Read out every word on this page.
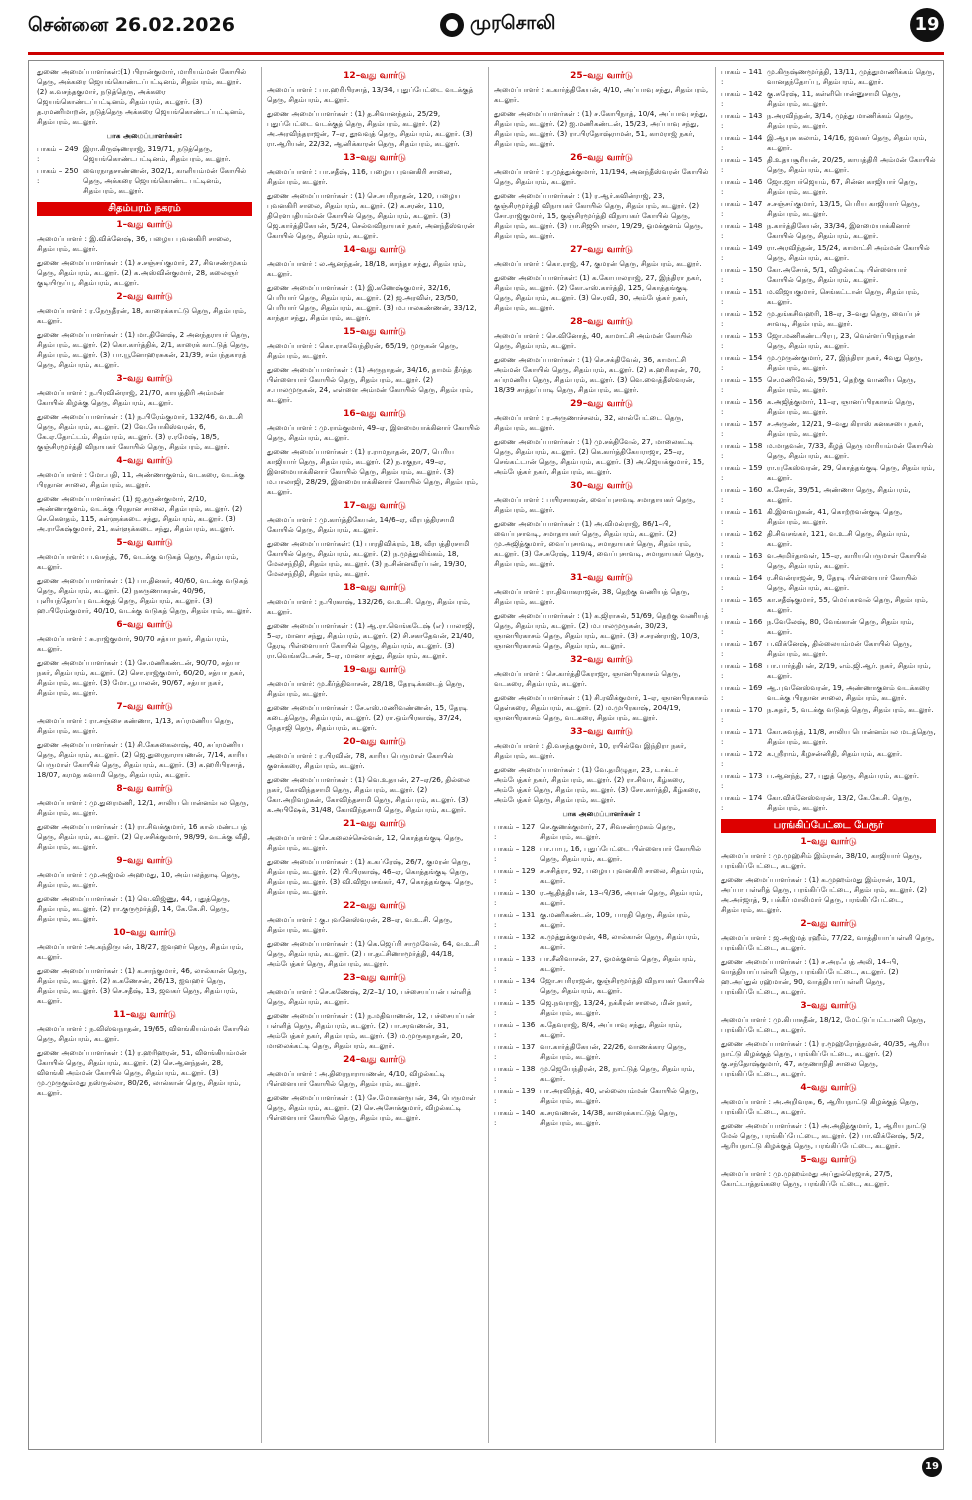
சென்னை 26.02.2026	முரசொலி	19

துணை அமைப்பாளர்கள்:(1) பிரான்குமார், மாரியம்மன் கோயில் தெரு, அக்கரை ஜெயங்கொண்டப்பட்டினம், சிதம்பரம், கடலூர். (2) க.வசந்தகுமார், நடுத்தெரு, அக்கரை ஜெயங்கொண்டப்பட்டினம், சிதம்பரம், கடலூர். (3) த.ரமணிமாறன், நடுத்தெரு அக்கரை ஜெயங்கொண்டப்பட்டினம், சிதம்பரம், கடலூர்.

பாக அமைப்பாளர்கள்:
பாகம் – 249 :
இரா.கிருஷ்ணராஜ், 319/71, நடுத்தெரு, ஜெயங்கொண்டபட்டினம், சிதம்பரம், கடலூர்.
பாகம் – 250 :
வைரநாதசாண்ணன், 302/1, காளியம்மன் கோயில் தெரு, அக்கரை ஜெயங்கொண்ட பட்டினம், சிதம்பரம், கடலூர்.
சிதம்பரம் நகரம்
1–வது வார்டு

அமைப்பாளர் : இ.விக்னேஷ், 36, பழைய புவனகிரி சாலை, சிதம்பரம், கடலூர்.

துணை அமைப்பாளர்கள் : (1) ச.சஞ்சய்குமார், 27, சிவசண்முகம் தெரு, சிதம்பரம், கடலூர். (2) க.அஸ்வின்குமார், 28, கலைஞர் குடியிருப்பு, சிதம்பரம், கடலூர்.

2–வது வார்டு

அமைப்பாளர் : ர.நேருதீரன், 18, காரைக்காட்டு தெரு, சிதம்பரம், கடலூர்.

துணை அமைப்பாளர்கள் : (1) மா.தினேஷ், 2 அனந்தராயர் தெரு, சிதம்பரம், கடலூர். (2) கொ.கார்த்திக், 2/1, காரைக் காட்டுத் தெரு, சிதம்பரம், கடலூர். (3) பா.யூனோஹரசுகன், 21/39, சம்பந்தகாரத் தெரு, சிதம்பரம், கடலூர்.

3–வது வார்டு

அமைப்பாளர் : ந.பிரவின்ராஜ், 21/70, காயத்திரி அம்மன் கோயில் கிழக்கு தெரு, சிதம்பரம், கடலூர்.

துணை அமைப்பாளர்கள் : (1) ந.பிரேம்குமார், 132/46, வ.உ.சி தெரு, சிதம்பரம், கடலூர். (2) வே.யோகிஸ்வரன், 6, கே.ஏ.தோட்டம், சிதம்பரம், கடலூர். (3) ர.ரமேஷ், 18/5, குஞ்சிரமூர்த்தி விநாயகர் கோயில் தெரு, சிதம்பரம், கடலூர்.

4–வது வார்டு

அமைப்பாளர் : மோ.பதி, 11, அண்ணாகுளம், வடகரை, வடக்கு பிரதான சாலை, சிதம்பரம், கடலூர்.

துணை அமைப்பாளர்கள்: (1) ஜ.தருண்குமார், 2/10, அண்ணாகுளம், வடக்கு பிரதான சாலை, சிதம்பரம், கடலூர். (2) செ.கௌதம், 115, கள்ளுக்கடை சந்து, சிதம்பரம், கடலூர். (3) அ.ராகேஷ்குமார், 21, கள்ளுக்கடை சந்து, சிதம்பரம், கடலூர்.

5–வது வார்டு

அமைப்பாளர்: ப.வசந்த், 76, வடக்கு வடுகத் தெரு, சிதம்பரம், கடலூர்.

துணை அமைப்பாளர்கள் : (1) பா.தினகர், 40/60, வடக்கு வடுகத் தெரு, சிதம்பரம், கடலூர். (2) நகருணாகரன், 40/96, புளியந்தோப்பு வடக்குத் தெரு, சிதம்பரம், கடலூர். (3) ஹ.பிரேம்குமார், 40/10, வடக்கு வடுகத் தெரு, சிதம்பரம், கடலூர்.

6–வது வார்டு

அமைப்பாளர் : சு.ராஜ்குமார், 90/70 சத்யா நகர், சிதம்பரம், கடலூர்.

துணை அமைப்பாளர்கள் : (1) சே.மணிகண்டன், 90/70, சத்யா நகர், சிதம்பரம், கடலூர். (2) சொ.ராஜ்குமார், 60/20, சத்யா நகர், சிதம்பரம், கடலூர். (3) மோ.பூபாலன், 90/67, சத்யா நகர், சிதம்பரம், கடலூர்.

7–வது வார்டு

அமைப்பாளர் : ரா.சஞ்சை கண்ணா, 1/13, சுப்ரமணிய தெரு, சிதம்பரம், கடலூர்.

துணை அமைப்பாளர்கள் : (1) சி.கேசுகைலாஷ், 40, சுப்ரமணிய தெரு, சிதம்பரம், கடலூர். (2) ஜெ.துரைநாராயணன், 7/14, காரிய பெருமாள் கோயில் தெரு, சிதம்பரம், கடலூர். (3) க.ஹரிபிரசாத், 18/07, கரமத கவாமி தெரு, சிதம்பரம், கடலூர்.

8–வது வார்டு

அமைப்பாளர் : மு.துரைமணி, 12/1, சாலிய பொன்னம்பல தெரு, சிதம்பரம், கடலூர்.

துணை அமைப்பாளர்கள் : (1) ரா.சிவக்குமார், 16 கால் மண்டபத் தெரு, சிதம்பரம், கடலூர். (2) ரெ.சசிக்குமார், 98/99, வடக்கு வீதி, சிதம்பரம், கடலூர்.

9–வது வார்டு

அமைப்பாளர் : மு.அஜ்மல் அஹமது, 10, அம்பலத்தாடி தெரு, சிதம்பரம், கடலூர்.

துணை அமைப்பாளர்கள் : (1) வெ.விஜ்ணு, 44, புதுத்தெரு, சிதம்பரம், கடலூர். (2) ரா.குருமூர்த்தி, 14, கே.கே.சி. தெரு, சிதம்பரம், கடலூர்.

10–வது வார்டு

அமைப்பாளர் :அ.கந்திருபன், 18/27, ஐவஹர் தெரு, சிதம்பரம், கடலூர்.

துணை அமைப்பாளர்கள் : (1) க.சாந்குமார், 46, லால்கான் தெரு, சிதம்பரம், கடலூர். (2) க.கணேசன், 26/13, ஐவஹர் தெரு, சிதம்பரம், கடலூர். (3) செ.சதீஷ், 13, ஜவகர் தெரு, சிதம்பரம், கடலூர்.

11–வது வார்டு

அமைப்பாளர் : ந.விஸ்வநாதன், 19/65, விளங்கியம்மன் கோயில் தெரு, சிதம்பரம், கடலூர்.

துணை அமைப்பாளர்கள் : (1) ர.ஹரிஹரன், 51, விளங்கியம்மன் கோயில் தெரு, சிதம்பரம், கடலூர். (2) செ.ஆனந்தன், 28, விளங்கி அம்மன் கோயில் தெரு, சிதம்பரம், கடலூர். (3) மு.முருகும்மது நஸ்ருல்லா, 80/26, லால்கான் தெரு, சிதம்பரம், கடலூர்.

12–வது வார்டு

அமைப்பாளர் : பா.ஹரிபிரசாத், 13/34, புதுப்பேட்டை வடக்குத் தெரு, சிதம்பரம், கடலூர்.

துணை அமைப்பாளர்கள் : (1) த.சிவானந்தம், 25/29, புதுப்பேட்டை வடக்குத் தெரு, சிதம்பரம், கடலூர். (2) அ.அரவிந்தராஜன், 7–ஏ, தூவவுத் தெரு, சிதம்பரம், கடலூர். (3) ரா.ஆரியன், 22/32, ஆனிக்காரன் தெரு, சிதம்பரம், கடலூர்.

13–வது வார்டு

அமைப்பாளர் : பா.சதீஷ், 116, பழைய புவனகிரி சாலை, சிதம்பரம், கடலூர்.

துணை அமைப்பாளர்கள் : (1) செ.சபரிநாதன், 120, பழைய புவனகிரி சாலை, சிதம்பரம், கடலூர். (2) க.சரண், 110, திரௌபதியம்மன் கோயில் தெரு, சிதம்பரம், கடலூர். (3) ஜெ.கார்த்திகேயன், 5/24, செல்வவிநாயகர் நகர், அனந்தீஸ்வரன் கோயில் தெரு, சிதம்பரம், கடலூர்.

14–வது வார்டு

அமைப்பாளர் : ல.ஆனந்தன், 18/18, காந்தா சந்து, சிதம்பரம், கடலூர்.

துணை அமைப்பாளர்கள் : (1) இ.கணேஷ்குமார், 32/16, பெரியார் தெரு, சிதம்பரம், கடலூர். (2) ஜ.அரவிள், 23/50, பெரியார் தெரு, சிதம்பரம், கடலூர். (3) ம.பாலகண்ணன், 33/12, காந்தா சந்து, சிதம்பரம், கடலூர்.

15–வது வார்டு

அமைப்பாளர் : கொ.ராகவேந்திரன், 65/19, முருகன் தெரு, சிதம்பரம், கடலூர்.

துணை அமைப்பாளர்கள் : (1) அருநாதன், 34/16, தாமம் தீர்த்த பிள்ளையார் கோயில் தெரு, சிதம்பரம், கடலூர். (2) ச.பாலமுருகன், 24, எள்ளை அம்மன் கோயில் தெரு, சிதம்பரம், கடலூர்.

16–வது வார்டு

அமைப்பாளர் : மு.ராம்குமார், 49–ஏ, இளமையாக்கினார் கோயில் தெரு, சிதம்பரம், கடலூர்.

துணை அமைப்பாளர்கள் : (1) ர.ராமநாதன், 20/7, பெரிய காஜியார் தெரு, சிதம்பரம், கடலூர். (2) ந.ரகுநா, 49–ஏ, இளமையாக்கினார் கோயில் தெரு, சிதம்பரம், கடலூர். (3) ம.பாலாஜி, 28/29, இளமையாக்கினார் கோயில் தெரு, சிதம்பரம், கடலூர்.

17–வது வார்டு

அமைப்பாளர் : மு.கார்த்திகேயன், 14/6–ஏ, வீரபத்திரசாமி கோயில் தெரு, சிதம்பரம், கடலூர்.

துணை அமைப்பாளர்கள்: (1) பாரதிவிக்ரம், 18, வீரபத்திரசாமி கோயில் தெரு, சிதம்பரம், கடலூர். (2) ந.முத்துலிங்கம், 18, மேலசந்நிதி, சிதம்பரம், கடலூர். (3) ந.சின்னவீரப்பன், 19/30, மேலசந்நிதி, சிதம்பரம், கடலூர்.

18–வது வார்டு

அமைப்பாளர் : ந.பிரகாஷ், 132/26, வ.உ.சி. தெரு, சிதம்பரம், கடலூர்.

துணை அமைப்பாளர்கள் : (1) ஆ.ரா.வெங்கடேஷ் (எ) பாலாஜி, 5–ஏ, மானா சந்து, சிதம்பரம், கடலூர். (2) சி.சகாதேவன், 21/40, தேரடி பிள்ளையார் கோயில் தெரு, சிதம்பரம், கடலூர். (3) ரா.வெங்கடேசன், 5–ஏ, மானா சந்து, சிதம்பரம், கடலூர்.

19–வது வார்டு

அமைப்பாளர்: மு.கீர்த்திவாசன், 28/18, தேரடிக்கடைத் தெரு, சிதம்பரம், கடலூர்.

துணை அமைப்பாளர்கள் : சே.எஸ்.மணிவண்ணன், 15, தேரடி கடைத்தெரு, சிதம்பரம், கடலூர். (2) ரா.ஒம்பிரகாஷ், 37/24, நேதாஜி தெரு, சிதம்பரம், கடலூர்.

20–வது வார்டு

அமைப்பாளர் : ர.பிரவின், 78, காரிய பெருமாள் கோயில் குளக்கரை, சிதம்பரம், கடலூர்.

துணை அமைப்பாளர்கள் : (1) வெ.உதயன், 27–ஏ/26, தில்லை நகர், கோவிந்தசாமி தெரு, சிதம்பரம், கடலூர். (2) கோ.அறிவழகன், கோவிந்தசாமி தெரு, சிதம்பரம், கடலூர். (3) க.அபிஷேக், 31/48, கோவிந்தசாமி தெரு, சிதம்பரம், கடலூர்.

21–வது வார்டு

அமைப்பாளர் : செ.கலைச்செல்வன், 12, கொத்தங்குடி தெரு, சிதம்பரம், கடலூர்.

துணை அமைப்பாளர்கள் : (1) க.கப்ரேஷ், 26/7, குமரன் தெரு, சிதம்பரம், கடலூர். (2) பி.பிரகாஷ், 46–ஏ, கொத்தங்குடி தெரு, சிதம்பரம், கடலூர். (3) வி.விஜயசங்கர், 47, கொத்தங்குடி தெரு, சிதம்பரம், கடலூர்.

22–வது வார்டு

அமைப்பாளர் : கு.புவனேஸ்வரன், 28–ஏ, வ.உ.சி. தெரு, சிதம்பரம், கடலூர்.

துணை அமைப்பாளர்கள் : (1) கெ.ஜெப்ரி சாமுவேல், 64, வ.உ.சி தெரு, சிதம்பரம், கடலூர். (2) பா.தட்சிணாமூர்த்தி, 44/18, அம்பேத்கர் தெரு, சிதம்பரம், கடலூர்.

23–வது வார்டு

அமைப்பாளர் : செ.கணேஷ், 2/2–1/ 10, பச்சையப்பன் பள்ளித் தெரு, சிதம்பரம், கடலூர்.

துணை அமைப்பாளர்கள் : (1) ந.மதிவாணன், 12, பச்சையப்பன் பள்ளித் தெரு, சிதம்பரம், கடலூர். (2) பா.சரவணன், 31, அம்பேத்கர் நகர், சிதம்பரம், கடலூர். (3) ம.முருகநாதன், 20, மாலைக்கட்டி தெரு, சிதம்பரம், கடலூர்.

24–வது வார்டு

அமைப்பாளர் : அ.திரைநாராயணன், 4/10, விழல்கட்டி பிள்ளையார் கோயில் தெரு, சிதம்பரம், கடலூர்.

துணை அமைப்பாளர்கள் : (1) சே.மோகனரூபன், 34, பெருமாள் தெரு, சிதம்பரம், கடலூர். (2) செ.அசோக்குமார், விழல்கட்டி பிள்ளையார் கோயில் தெரு, சிதம்பரம், கடலூர்.

25–வது வார்டு

அமைப்பாளர் : க.கார்த்திகேயன், 4/10, அப்பாவு சந்து, சிதம்பரம், கடலூர்.

துணை அமைப்பாளர்கள் : (1) ச.கோபிநாத், 10/4, அப்பாவு சந்து, சிதம்பரம், கடலூர். (2) ஐ.மணிகண்டன், 15/23, அப்பாவு சந்து, சிதம்பரம், கடலூர். (3) ரா.பிரதோஷ்ராமன், 51, காமராஜ் நகர், சிதம்பரம், கடலூர்.

26–வது வார்டு

அமைப்பாளர் : ர.முத்துக்குமார், 11/194, அனந்தீஸ்வரன் கோயில் தெரு, சிதம்பரம், கடலூர்.

துணை அமைப்பாளர்கள் : (1) ர.ஆர்.கவின்ராஜ், 23, குஞ்சிரமூர்த்தி விநாயகர் கோயில் தெரு, சிதம்பரம், கடலூர். (2) சோ.ராஜ்குமார், 15, குஞ்சிரமூர்த்தி விநாயகர் கோயில் தெரு, சிதம்பரம், கடலூர். (3) பா.சிஜூபாலா, 19/29, ஓமக்குளம் தெரு, சிதம்பரம், கடலூர்.

27–வது வார்டு

அமைப்பாளர் : கொ.ராஜ், 47, குமரன் தெரு, சிதம்பரம், கடலூர்.

துணை அமைப்பாளர்கள்: (1) க.கோபாலராஜ், 27, இந்திரா நகர், சிதம்பரம், கடலூர். (2) கோ.எஸ்.கார்த்தி, 125, கொத்தங்குடி தெரு, சிதம்பரம், கடலூர். (3) செ.ரவி, 30, அம்பேத்கர் நகர், சிதம்பரம், கடலூர்.

28–வது வார்டு

அமைப்பாளர் : செ.வினோத், 40, காமாட்சி அம்மன் கோயில் தெரு, சிதம்பரம், கடலூர்.

துணை அமைப்பாளர்கள் : (1) செ.சக்திவேல், 36, காமாட்சி அம்மன் கோயில் தெரு, சிதம்பரம், கடலூர். (2) க.ஹரிகரன், 70, சுப்ரமணிய தெரு, சிதம்பரம், கடலூர். (3) வெ.வைத்தீஸ்வரன், 18/39 சாத்தப்பாடி தெரு, சிதம்பரம், கடலூர்.

29–வது வார்டு

அமைப்பாளர் : ர.அருணாச்சலம், 32, லால்பேட்டை தெரு, சிதம்பரம், கடலூர்.

துணை அமைப்பாளர்கள் : (1) மு.சக்திவேல், 27, மாலைகட்டி தெரு, சிதம்பரம், கடலூர். (2) கெ.கார்த்திகேயராஜா, 25–ஏ, செங்கட்டான் தெரு, சிதம்பரம், கடலூர். (3) அ.ஜெயக்குமார், 15, அம்பேத்கர் நகர், சிதம்பரம், கடலூர்.

30–வது வார்டு

அமைப்பாளர் : பயிரசாகரன், வைப்புசாவடி சமாதாயகர் தெரு, சிதம்பரம், கடலூர்.

துணை அமைப்பாளர்கள் : (1) அ.விமல்ராஜ், 86/1–பி, வைப்புசாவடி, சமாதாயகர் தெரு, சிதம்பரம், கடலூர். (2) மு.அஜித்குமார், வைப்புசாவடி, சமாதாயகர் தெரு, சிதம்பரம், கடலூர். (3) சே.சுரேஷ், 119/4, வைப்புசாவடி, சமாதாயகர் தெரு, சிதம்பரம், கடலூர்.

31–வது வார்டு

அமைப்பாளர் : ரா.திவாகராஜன், 38, தெற்கு வணியத் தெரு, சிதம்பரம், கடலூர்.

துணை அமைப்பாளர்கள் : (1) க.ஜிராசுல், 51/69, தெற்கு வணியத் தெரு, சிதம்பரம், கடலூர். (2) ம.பாலமுருகன், 30/23, ஞானபிரகாசம் தெரு, சிதம்பரம், கடலூர். (3) ச.சரண்ராஜ், 10/3, ஞானபிரகாசம் தெரு, சிதம்பரம், கடலூர்.

32–வது வார்டு

அமைப்பாளர் : செ.கார்த்திகேராஜா, ஞானபிரகாசம் தெரு, வடகரை, சிதம்பரம், கடலூர்.

துணை அமைப்பாளர்கள் : (1) சி.ரவிக்குமார், 1–ஏ, ஞானபிரகாசம் தெள்கரை, சிதம்பரம், கடலூர். (2) ம.முபிரகாஷ், 204/19, ஞானபிரகாசம் தெரு, வடகரை, சிதம்பரம், கடலூர்.

33–வது வார்டு

அமைப்பாளர் : தி.வசந்தகுமார், 10, ரயில்வே இந்திரா நகர், சிதம்பரம், கடலூர்.

துணை அமைப்பாளர்கள் : (1) வே.தமிழுதா, 23, டாக்டர் அம்பேத்கர் நகர், சிதம்பரம், கடலூர். (2) ரா.சிவா, கீழ்கரை, அம்பேத்கர் தெரு, சிதம்பரம், கடலூர். (3) சோ.கார்த்தி, கீழ்கரை, அம்பேத்கர் தெரு, சிதம்பரம், கடலூர்.

பாக அமைப்பாளர்கள் :
பாகம் – 127 :
செ.குணக்குமார், 27, சிவசண்முகம் தெரு, சிதம்பரம், கடலூர்.
பாகம் – 128 :
பா.பாபு, 16, புதுப்பேட்டை பிள்ளையார் கோயில் தெரு, சிதம்பரம், கடலூர்.
பாகம் – 129 :
ச.சசித்ரா, 92, பழைய புவனகிரி சாலை, சிதம்பரம், கடலூர்.
பாகம் – 130 :
ர.ஆதித்தியன், 13–பி/36, அயன் தெரு, சிதம்பரம், கடலூர்.
பாகம் – 131 :
கு.மணிகண்டன், 109, பாரதி தெரு, சிதம்பரம், கடலூர்.
பாகம் – 132 :
க.முத்துக்குமரன், 48, லால்கான் தெரு, சிதம்பரம், கடலூர்.
பாகம் – 133 :
பா.சீனிவாசன், 27, ஓமக்குளம் தெரு, சிதம்பரம், கடலூர்.
பாகம் – 134 :
ஜோ.சபரிராஜன், குஞ்சிரமூர்த்தி விநாயகர் கோயில் தெரு, சிதம்பரம், கடலூர்.
பாகம் – 135 :
ஜெ.நவராஜ், 13/24, நக்கீரன் சாலை, மின் நகர், சிதம்பரம், கடலூர்.
பாகம் – 136 :
க.தேவராஜ், 8/4, அப்பாவு சந்து, சிதம்பரம், கடலூர்.
பாகம் – 137 :
வா.கார்த்திகேயன், 22/26, வாணக்கார தெரு, சிதம்பரம், கடலூர்.
பாகம் – 138 :
மு.ஜெயேந்திரன், 28, நாட்டுத் தெரு, சிதம்பரம், கடலூர்.
பாகம் – 139 :
பா.அரவிந்த், 40, எல்லையம்மன் கோயில் தெரு, சிதம்பரம், கடலூர்.
பாகம் – 140 :
க.சரவணன், 14/38, காரைக்காட்டுத் தெரு, சிதம்பரம், கடலூர்.
பாகம் – 141 :
மு.கிருஷ்ணமூர்த்தி, 13/11, முத்துமாணிக்கம் தெரு, வானதந்தோப்பு, சிதம்பரம், கடலூர்.
பாகம் – 142 :
கு.சுரேஷ், 11, கள்ளிபொன்னுசாமி தெரு, சிதம்பரம், கடலூர்.
பாகம் – 143 :
ந.அரவிந்தன், 3/14, முத்து மாணிக்கம் தெரு, சிதம்பரம், கடலூர்.
பாகம் – 144 :
இ.ஆயுசு கலாம், 14/16, ஜவகர் தெரு, சிதம்பரம், கடலூர்.
பாகம் – 145 :
தி.உதயசூரியன், 20/25, காயத்திரி அம்மன் கோயில் தெரு, சிதம்பரம், கடலூர்.
பாகம் – 146 :
ஜோ.ஜாபர்ஜெயம், 67, சின்ன காஜியார் தெரு, சிதம்பரம், கடலூர்.
பாகம் – 147 :
ச.சஞ்சய்குமார், 13/15, பெரிய காஜியார் தெரு, சிதம்பரம், கடலூர்.
பாகம் – 148 :
ந.கார்த்திகேயன், 33/34, இளமையாக்கினார் கோயில் தெரு, சிதம்பரம், கடலூர்.
பாகம் – 149 :
ரா.அரவிந்தன், 15/24, காமாட்சி அம்மன் கோயில் தெரு, சிதம்பரம், கடலூர்.
பாகம் – 150 :
கோ.அசோக், 5/1, விழல்கட்டி பிள்ளையார் கோயில் தெரு, சிதம்பரம், கடலூர்.
பாகம் – 151 :
ம.விஜயகுமார், செங்கட்டான் தெரு, சிதம்பரம், கடலூர்.
பாகம் – 152 :
மு.தங்கசிவஹரி, 18–ஏ, 3–வது தெரு, வைப்புச் சாவடி, சிதம்பரம், கடலூர்.
பாகம் – 153 :
ஜோ.மணிகண்டபிரபு, 23, வெள்ளப்பிரந்தான் தெரு, சிதம்பரம், கடலூர்.
பாகம் – 154 :
மு.முருண்குமார், 27, இந்திரா நகர், 4வது தெரு, சிதம்பரம், கடலூர்.
பாகம் – 155 :
செ.மணிவேல், 59/51, தெற்கு வாணிய தெரு, சிதம்பரம், கடலூர்.
பாகம் – 156 :
க.அஜித்குமார், 11–ஏ, ஞானப்பிரகாசம் தெரு, சிதம்பரம், கடலூர்.
பாகம் – 157 :
ச.அருண், 12/21, 9–வது கிராஸ் கனகசபை நகர், சிதம்பரம், கடலூர்.
பாகம் – 158 :
ம.மாதவன், 7/33, கீழத் தெரு மாரியம்மன் கோயில் தெரு, சிதம்பரம், கடலூர்.
பாகம் – 159 :
ரா.யுகேஸ்வரன், 29, கொத்தங்குடி தெரு, சிதம்பரம், கடலூர்.
பாகம் – 160 :
க.சேரன், 39/51, அண்ணா தெரு, சிதம்பரம், கடலூர்.
பாகம் – 161 :
கி.இளவழகன், 41, கொற்றவன்குடி தெரு, சிதம்பரம், கடலூர்.
பாகம் – 162 :
தி.சிவசங்கர், 121, வ.உ.சி தெரு, சிதம்பரம், கடலூர்.
பாகம் – 163 :
வ.அமிர்தாவள், 15–ஏ, காரியபெருமாள் கோயில் தெரு, சிதம்பரம், கடலூர்.
பாகம் – 164 :
ர.சிவன்ராஜன், 9, தேரடி பிள்ளையார் கோயில் தெரு, சிதம்பரம், கடலூர்.
பாகம் – 165 :
கா.சதீஷ்குமார், 55, மெய்காவல் தெரு, சிதம்பரம், கடலூர்.
பாகம் – 166 :
ந.வேலேஷ், 80, வேங்கான் தெரு, சிதம்பரம், கடலூர்.
பாகம் – 167 :
ப.விக்னேஷ், தில்லையம்மன் கோயில் தெரு, சிதம்பரம், கடலூர்.
பாகம் – 168 :
பா.பார்த்திபன், 2/19, எம்.ஜி.ஆர். நகர், சிதம்பரம், கடலூர்.
பாகம் – 169 :
ஆ.புவனேஸ்வரன், 19, அண்ணாகுளம் வடக்கரை வடக்கு பிரதான சாலை, சிதம்பரம், கடலூர்.
பாகம் – 170 :
ந.சுதர், 5, வடக்கு வடுகத் தெரு, சிதம்பரம், கடலூர்.
பாகம் – 171 :
கோ.சுவந்த், 11/8, சாலிய பொன்னம்பல மடத்தெரு, சிதம்பரம், கடலூர்.
பாகம் – 172 :
க.ஸ்ரீராம், கீழசன்னிதி, சிதம்பரம், கடலூர்.
பாகம் – 173 :
ப.ஆனந்த், 27, புதுத் தெரு, சிதம்பரம், கடலூர்.
பாகம் – 174 :
கோ.விக்னேஸ்வரன், 13/2, கே.கே.சி. தெரு, சிதம்பரம், கடலூர்.
பரங்கிப்பேட்டை பேரூர்
1–வது வார்டு

அமைப்பாளர் : மு.முஹ்சிம் இம்ரான், 38/10, காஜியார் தெரு, பரங்கிப்பேட்டை, கடலூர்.

துணை அமைப்பாளர்கள் : (1) க.முஹம்மது இம்ரான், 10/1, அப்பா பள்ளித் தெரு, பரங்கிப்பேட்டை, சிதம்பரம், கடலூர். (2) அ.அர்ஜாத், 9, பக்கீர் மாலிமார் தெரு, பரங்கிப்பேட்டை, சிதம்பரம், கடலூர்.

2–வது வார்டு

அமைப்பாளர் : ஜ.அஜ்மத் ரஹீம், 77/22, வாத்தியாப்பள்ளி தெரு, பரங்கிப்பேட்டை, கடலூர்.

துணை அமைப்பாளர்கள் : (1) ச.அரஃபத் அலி, 14–பி, வாத்தியாப்பள்ளி தெரு, பரங்கிப்பேட்டை, கடலூர். (2) ஹ.அப்துல் ரஹ்மான், 90, வாத்தியாப்பள்ளி தெரு, பரங்கிப்பேட்டை, கடலூர்.

3–வது வார்டு

அமைப்பாளர் : மு.கிபாசுதீன், 18/12, மேட்டுப்பட்டாணி தெரு, பரங்கிப்பேட்டை, கடலூர்.

துணை அமைப்பாளர்கள் : (1) ர.மூஹ்ரோத்தமன், 40/35, ஆரிய நாட்டு கிழக்குத் தெரு, பரங்கிப்பேட்டை, கடலூர். (2) கு.சந்தோஷ்குமார், 47, கருணாநிதி சாலை தெரு, பரங்கிப்பேட்டை, கடலூர்.

4–வது வார்டு

அமைப்பாளர் : அ.அறிவரசு, 6, ஆரியநாட்டு கிழக்குத் தெரு, பரங்கிப்பேட்டை, கடலூர்.

துணை அமைப்பாளர்கள் : (1) அ.அதித்குமார், 1, ஆரிய நாட்டு மேல் தெரு, பரங்கிப்பேட்டை, கடலூர். (2) பா.விக்னேஷ், 5/2, ஆரியநாட்டு கிழக்குத் தெரு, பரங்கிப்பேட்டை, கடலூர்.

5–வது வார்டு

அமைப்பாளர் : மு.முஹம்மது அப்துல்ரெஜாக், 27/5, கோட்டாத்தங்கரை தெரு, பரங்கிப்பேட்டை, கடலூர்.

19
